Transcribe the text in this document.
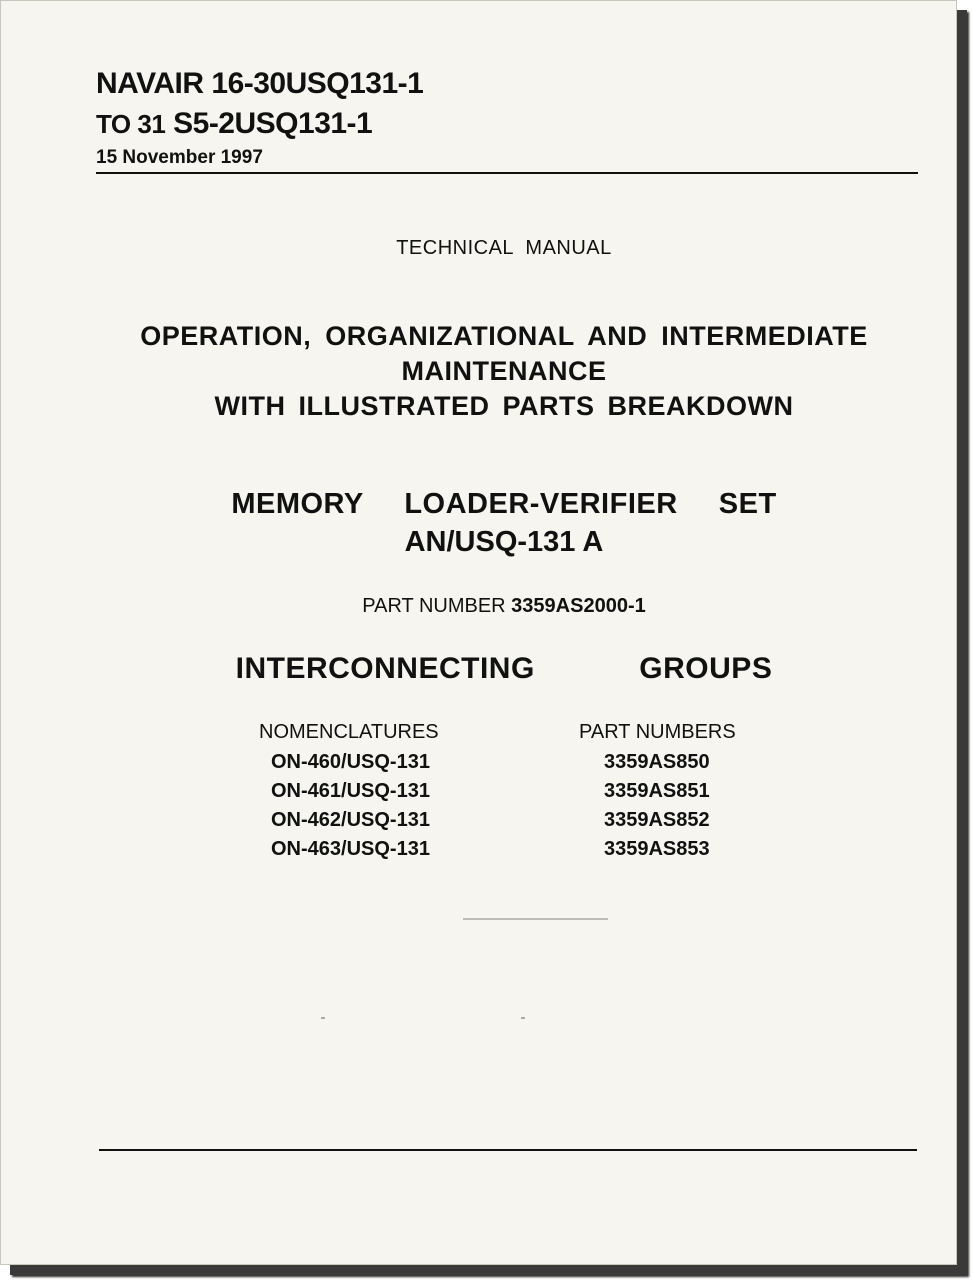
NAVAIR 16-30USQ131-1
TO 31 S5-2USQ131-1
15 November 1997
TECHNICAL  MANUAL
OPERATION, ORGANIZATIONAL AND INTERMEDIATE
MAINTENANCE
WITH ILLUSTRATED PARTS BREAKDOWN
MEMORY  LOADER-VERIFIER  SET
AN/USQ-131 A
PART NUMBER 3359AS2000-1
INTERCONNECTING   GROUPS
NOMENCLATURES	PART NUMBERS
ON-460/USQ-131
ON-461/USQ-131
ON-462/USQ-131
ON-463/USQ-131
3359AS850
3359AS851
3359AS852
3359AS853
